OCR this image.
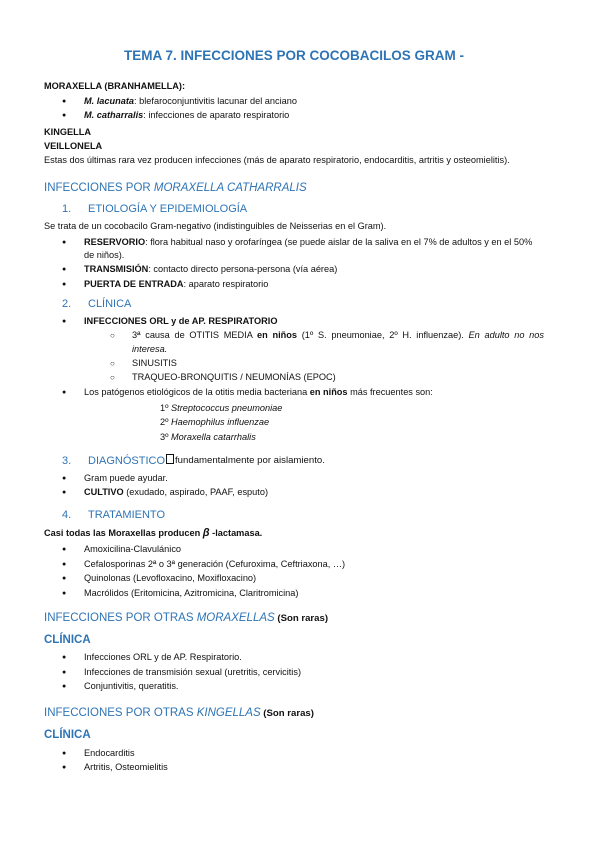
TEMA 7. INFECCIONES POR COCOBACILOS GRAM -
MORAXELLA (BRANHAMELLA):
● M. lacunata: blefaroconjuntivitis lacunar del anciano
● M. catharralis: infecciones de aparato respiratorio
KINGELLA
VEILLONELA
Estas dos últimas rara vez producen infecciones (más de aparato respiratorio, endocarditis, artritis y osteomielitis).
INFECCIONES POR MORAXELLA CATHARRALIS
1.	ETIOLOGÍA Y EPIDEMIOLOGÍA
Se trata de un cocobacilo Gram-negativo (indistinguibles de Neisserias en el Gram).
● RESERVORIO: flora habitual naso y orofaríngea (se puede aislar de la saliva en el 7% de adultos y en el 50% de niños).
● TRANSMISIÓN: contacto directo persona-persona (vía aérea)
● PUERTA DE ENTRADA: aparato respiratorio
2.	CLÍNICA
● INFECCIONES ORL y de AP. RESPIRATORIO
○ 3ª causa de OTITIS MEDIA en niños (1º S. pneumoniae, 2º H. influenzae). En adulto no nos interesa.
○ SINUSITIS
○ TRAQUEO-BRONQUITIS / NEUMONÍAS (EPOC)
● Los patógenos etiológicos de la otitis media bacteriana en niños más frecuentes son:
1º Streptococcus pneumoniae
2º Haemophilus influenzae
3º Moraxella catarrhalis
3.	DIAGNÓSTICO fundamentalmente por aislamiento.
● Gram puede ayudar.
● CULTIVO (exudado, aspirado, PAAF, esputo)
4.	TRATAMIENTO
Casi todas las Moraxellas producen β -lactamasa.
● Amoxicilina-Clavulánico
● Cefalosporinas 2ª o 3ª generación (Cefuroxima, Ceftriaxona, …)
● Quinolonas (Levofloxacino, Moxifloxacino)
● Macrólidos (Eritomicina, Azitromicina, Claritromicina)
INFECCIONES POR OTRAS MORAXELLAS (Son raras)
CLÍNICA
● Infecciones ORL y de AP. Respiratorio.
● Infecciones de transmisión sexual (uretritis, cervicitis)
● Conjuntivitis, queratitis.
INFECCIONES POR OTRAS KINGELLAS (Son raras)
CLÍNICA
● Endocarditis
● Artritis, Osteomielitis
